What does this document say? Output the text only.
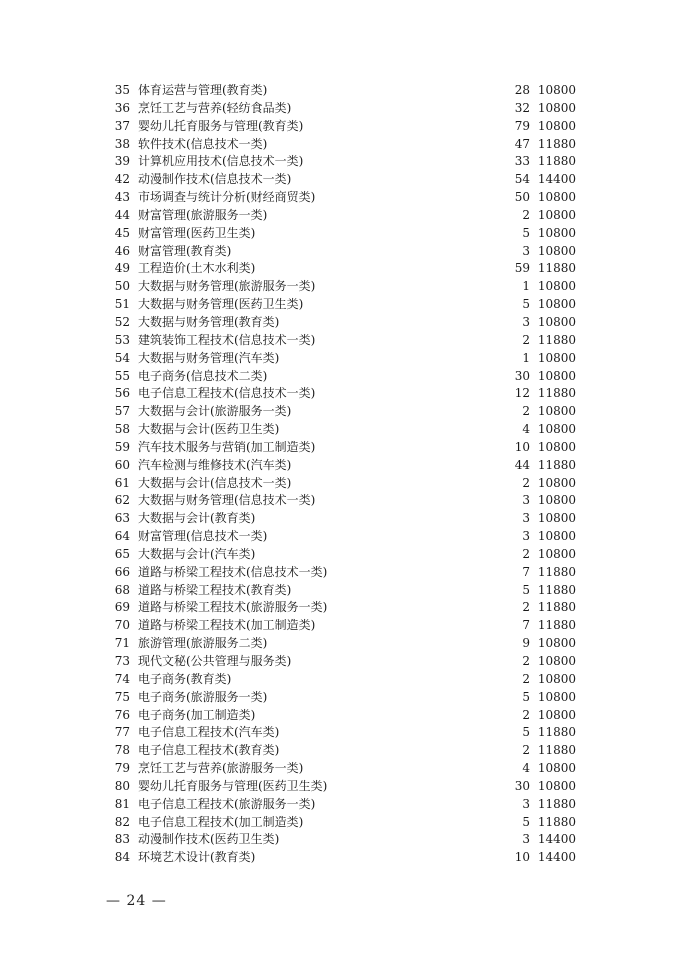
35 体育运营与管理(教育类)	28 10800
36 烹饪工艺与营养(轻纺食品类)	32 10800
37 婴幼儿托育服务与管理(教育类)	79 10800
38 软件技术(信息技术一类)	47 11880
39 计算机应用技术(信息技术一类)	33 11880
42 动漫制作技术(信息技术一类)	54 14400
43 市场调查与统计分析(财经商贸类)	50 10800
44 财富管理(旅游服务一类)	2 10800
45 财富管理(医药卫生类)	5 10800
46 财富管理(教育类)	3 10800
49 工程造价(土木水利类)	59 11880
50 大数据与财务管理(旅游服务一类)	1 10800
51 大数据与财务管理(医药卫生类)	5 10800
52 大数据与财务管理(教育类)	3 10800
53 建筑装饰工程技术(信息技术一类)	2 11880
54 大数据与财务管理(汽车类)	1 10800
55 电子商务(信息技术二类)	30 10800
56 电子信息工程技术(信息技术一类)	12 11880
57 大数据与会计(旅游服务一类)	2 10800
58 大数据与会计(医药卫生类)	4 10800
59 汽车技术服务与营销(加工制造类)	10 10800
60 汽车检测与维修技术(汽车类)	44 11880
61 大数据与会计(信息技术一类)	2 10800
62 大数据与财务管理(信息技术一类)	3 10800
63 大数据与会计(教育类)	3 10800
64 财富管理(信息技术一类)	3 10800
65 大数据与会计(汽车类)	2 10800
66 道路与桥梁工程技术(信息技术一类)	7 11880
68 道路与桥梁工程技术(教育类)	5 11880
69 道路与桥梁工程技术(旅游服务一类)	2 11880
70 道路与桥梁工程技术(加工制造类)	7 11880
71 旅游管理(旅游服务二类)	9 10800
73 现代文秘(公共管理与服务类)	2 10800
74 电子商务(教育类)	2 10800
75 电子商务(旅游服务一类)	5 10800
76 电子商务(加工制造类)	2 10800
77 电子信息工程技术(汽车类)	5 11880
78 电子信息工程技术(教育类)	2 11880
79 烹饪工艺与营养(旅游服务一类)	4 10800
80 婴幼儿托育服务与管理(医药卫生类)	30 10800
81 电子信息工程技术(旅游服务一类)	3 11880
82 电子信息工程技术(加工制造类)	5 11880
83 动漫制作技术(医药卫生类)	3 14400
84 环境艺术设计(教育类)	10 14400
— 24 —
